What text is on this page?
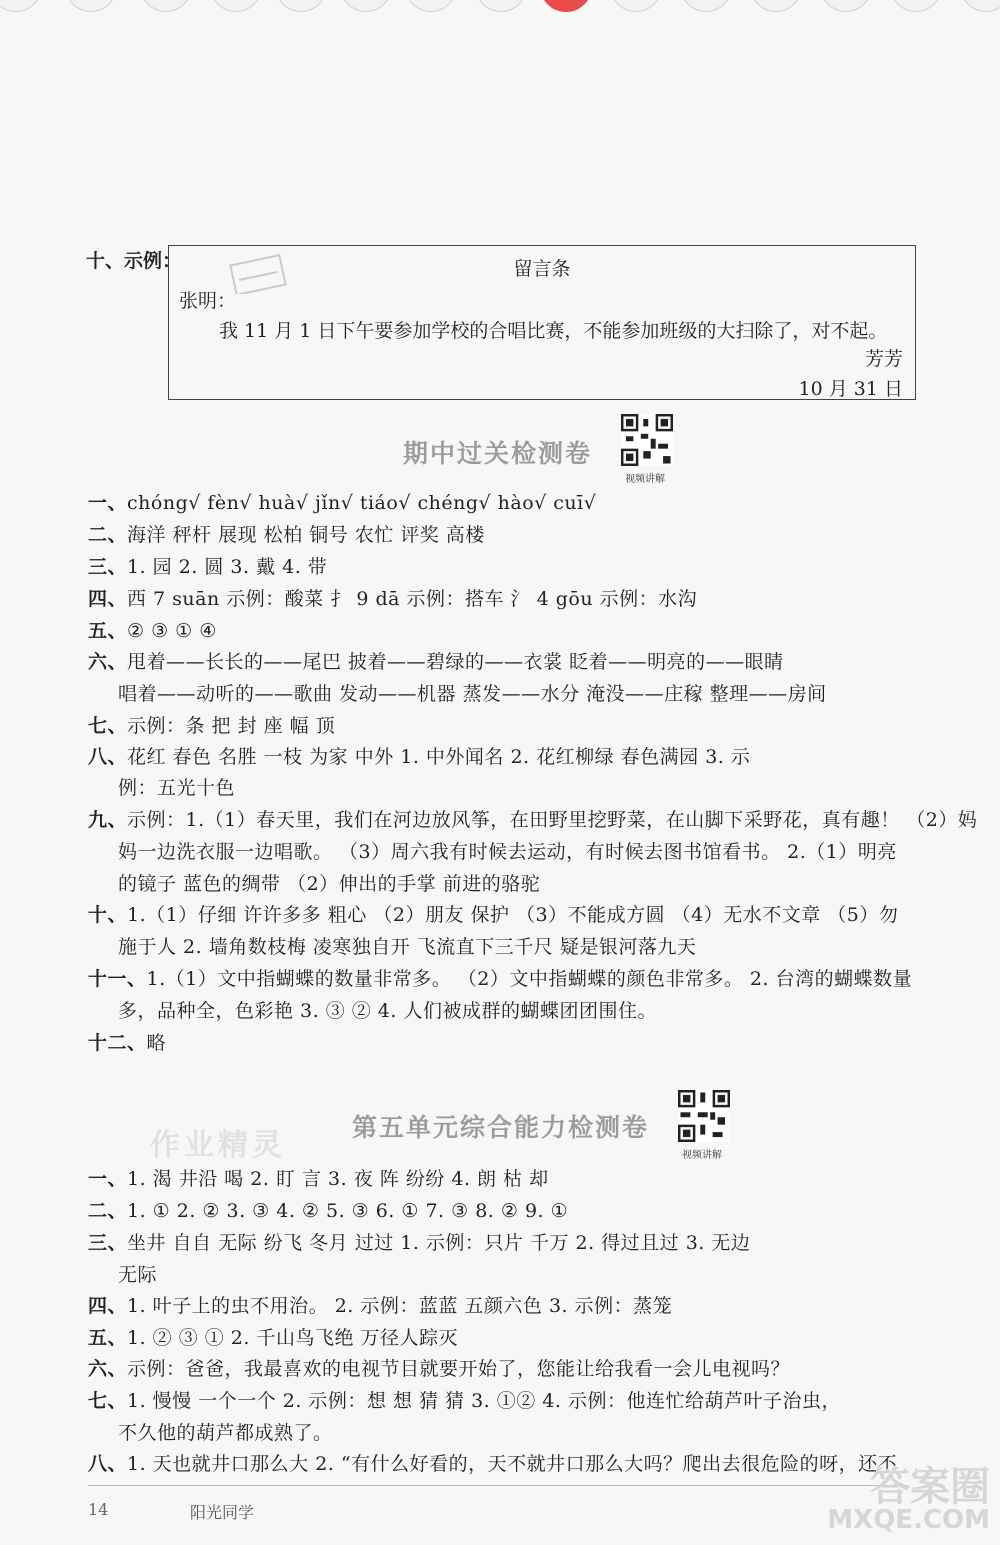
十、示例：	留言条
张明：
我 11 月 1 日下午要参加学校的合唱比赛，不能参加班级的大扫除了，对不起。
芳芳
10 月 31 日
期中过关检测卷
视频讲解
一、chóng√ fèn√ huà√ jǐn√ tiáo√ chéng√ hào√ cuī√
二、海洋 秤杆 展现 松柏 铜号 农忙 评奖 高楼
三、1. 园 2. 圆 3. 戴 4. 带
四、西 7 suān 示例：酸菜 扌 9 dā 示例：搭车 氵 4 gōu 示例：水沟
五、② ③ ① ④
六、甩着——长长的——尾巴 披着——碧绿的——衣裳 眨着——明亮的——眼睛
唱着——动听的——歌曲 发动——机器 蒸发——水分 淹没——庄稼 整理——房间
七、示例：条 把 封 座 幅 顶
八、花红 春色 名胜 一枝 为家 中外 1. 中外闻名 2. 花红柳绿 春色满园 3. 示
例：五光十色
九、示例：1.（1）春天里，我们在河边放风筝，在田野里挖野菜，在山脚下采野花，真有趣！ （2）妈
妈一边洗衣服一边唱歌。 （3）周六我有时候去运动，有时候去图书馆看书。 2.（1）明亮
的镜子 蓝色的绸带 （2）伸出的手掌 前进的骆驼
十、1.（1）仔细 许许多多 粗心 （2）朋友 保护 （3）不能成方圆 （4）无水不文章 （5）勿
施于人 2. 墙角数枝梅 凌寒独自开 飞流直下三千尺 疑是银河落九天
十一、1.（1）文中指蝴蝶的数量非常多。 （2）文中指蝴蝶的颜色非常多。 2. 台湾的蝴蝶数量
多，品种全，色彩艳 3. ③ ② 4. 人们被成群的蝴蝶团团围住。
十二、略
作业精灵
第五单元综合能力检测卷
视频讲解
一、1. 渴 井沿 喝 2. 盯 言 3. 夜 阵 纷纷 4. 朗 枯 却
二、1. ① 2. ② 3. ③ 4. ② 5. ③ 6. ① 7. ③ 8. ② 9. ①
三、坐井 自自 无际 纷飞 冬月 过过 1. 示例：只片 千万 2. 得过且过 3. 无边
无际
四、1. 叶子上的虫不用治。 2. 示例：蓝蓝 五颜六色 3. 示例：蒸笼
五、1. ② ③ ① 2. 千山鸟飞绝 万径人踪灭
六、示例：爸爸，我最喜欢的电视节目就要开始了，您能让给我看一会儿电视吗？
七、1. 慢慢 一个一个 2. 示例：想 想 猜 猜 3. ①② 4. 示例：他连忙给葫芦叶子治虫，
不久他的葫芦都成熟了。
八、1. 天也就井口那么大 2. “有什么好看的，天不就井口那么大吗？爬出去很危险的呀，还不
14	阳光同学
答案圈
MXQE.COM
